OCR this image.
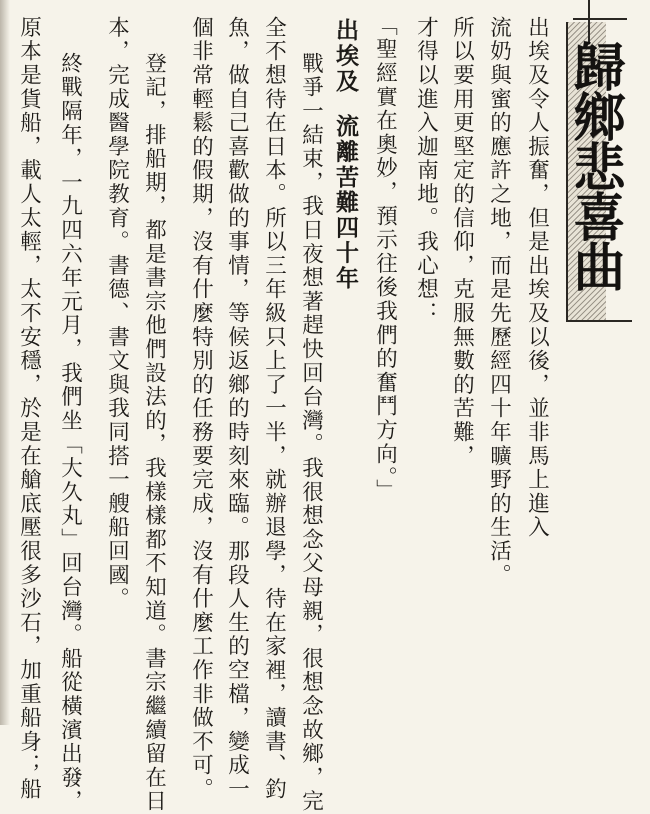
歸鄉悲喜曲
出埃及令人振奮，但是出埃及以後，並非馬上進入
流奶與蜜的應許之地，而是先歷經四十年曠野的生活。
所以要用更堅定的信仰，克服無數的苦難，
才得以進入迦南地。我心想：
「聖經實在奧妙，預示往後我們的奮鬥方向。」
出埃及
流離苦難四十年
戰爭一結束，我日夜想著趕快回台灣。我很想念父母親，很想念故鄉，完
全不想待在日本。所以三年級只上了一半，就辦退學，待在家裡，讀書、釣
魚，做自己喜歡做的事情，等候返鄉的時刻來臨。那段人生的空檔，變成一
個非常輕鬆的假期，沒有什麼特別的任務要完成，沒有什麼工作非做不可。
登記，排船期，都是書宗他們設法的，我樣樣都不知道。書宗繼續留在日
本，完成醫學院教育。書德、書文與我同搭一艘船回國。
終戰隔年，一九四六年元月，我們坐「大久丸」回台灣。船從橫濱出發，
原本是貨船，載人太輕，太不安穩，於是在艙底壓很多沙石，加重船身；船
